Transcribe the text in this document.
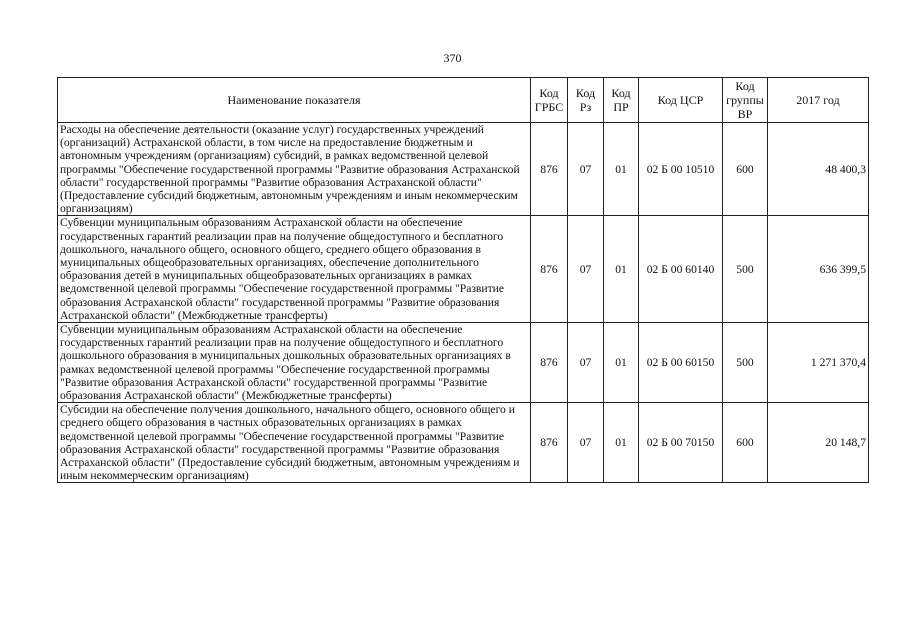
370
Наименование показателя	Код ГРБС	Код Рз	Код ПР	Код ЦСР	Код группы ВР	2017 год
Расходы на обеспечение деятельности (оказание услуг) государственных учреждений (организаций) Астраханской области, в том числе на предоставление бюджетным и автономным учреждениям (организациям) субсидий, в рамках ведомственной целевой программы "Обеспечение государственной программы "Развитие образования Астраханской области" государственной программы "Развитие образования Астраханской области" (Предоставление субсидий бюджетным, автономным учреждениям и иным некоммерческим организациям)	876	07	01	02 Б 00 10510	600	48 400,3
Субвенции муниципальным образованиям Астраханской области на обеспечение государственных гарантий реализации прав на получение общедоступного и бесплатного дошкольного, начального общего, основного общего, среднего общего образования в муниципальных общеобразовательных организациях, обеспечение дополнительного образования детей в муниципальных общеобразовательных организациях в рамках ведомственной целевой программы "Обеспечение государственной программы "Развитие образования Астраханской области" государственной программы "Развитие образования Астраханской области" (Межбюджетные трансферты)	876	07	01	02 Б 00 60140	500	636 399,5
Субвенции муниципальным образованиям Астраханской области на обеспечение государственных гарантий реализации прав на получение общедоступного и бесплатного дошкольного образования в муниципальных дошкольных образовательных организациях в рамках ведомственной целевой программы "Обеспечение государственной программы "Развитие образования Астраханской области" государственной программы "Развитие образования Астраханской области" (Межбюджетные трансферты)	876	07	01	02 Б 00 60150	500	1 271 370,4
Субсидии на обеспечение получения дошкольного, начального общего, основного общего и среднего общего образования в частных образовательных организациях в рамках ведомственной целевой программы "Обеспечение государственной программы "Развитие образования Астраханской области" государственной программы "Развитие образования Астраханской области" (Предоставление субсидий бюджетным, автономным учреждениям и иным некоммерческим организациям)	876	07	01	02 Б 00 70150	600	20 148,7
